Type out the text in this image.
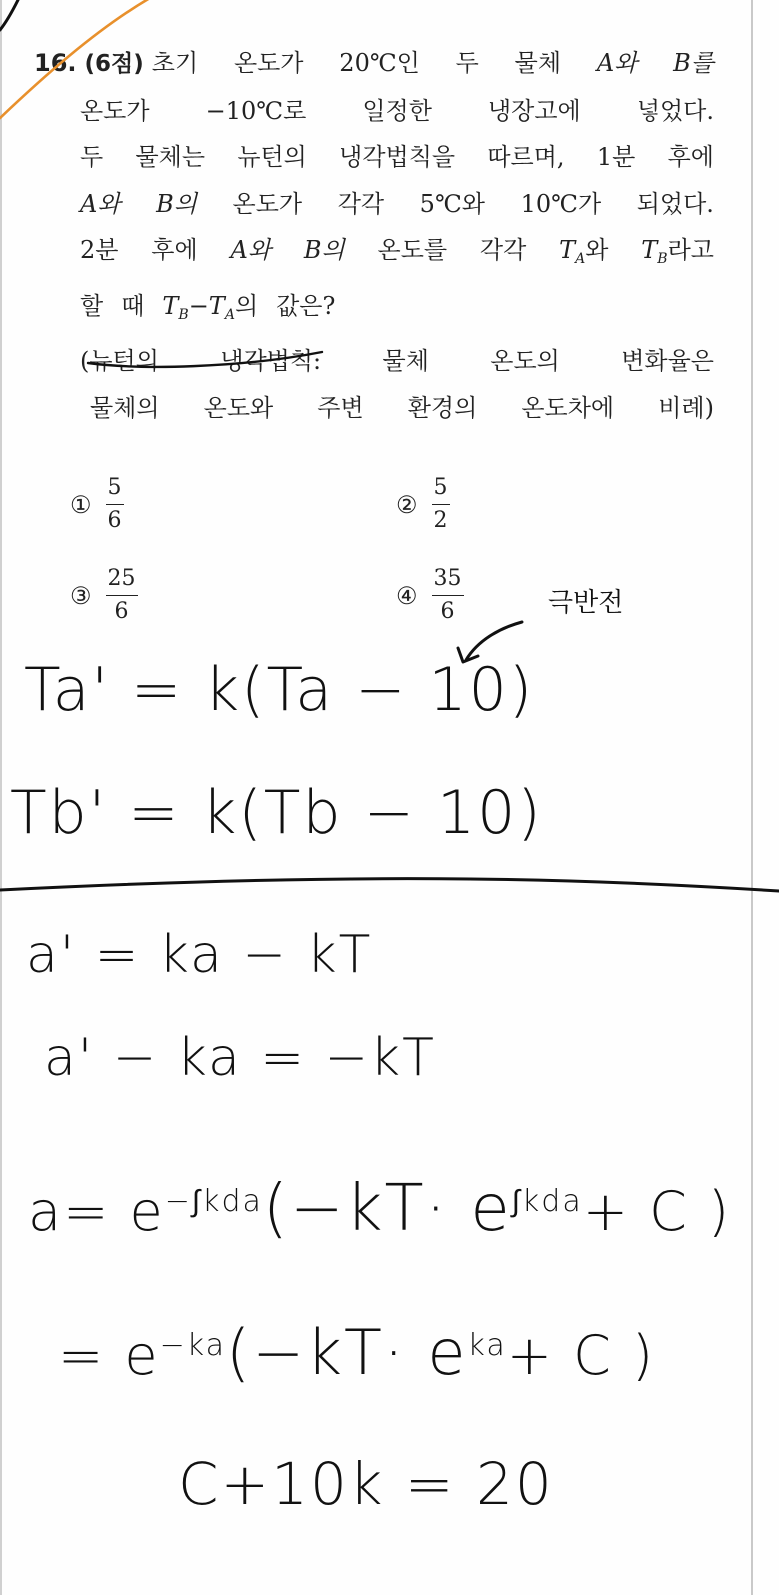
16. (6점) 초기 온도가 20℃인 두 물체 A와 B를
온도가 −10℃로 일정한 냉장고에 넣었다.
두 물체는 뉴턴의 냉각법칙을 따르며, 1분 후에
A와 B의 온도가 각각 5℃와 10℃가 되었다.
2분 후에 A와 B의 온도를 각각 $T_A$와 $T_B$라고
할 때 $T_B-T_A$의 값은?
(뉴턴의	냉각법칙:	물체	온도의	변화율은
물체의 온도와 주변 환경의 온도차에 비례)
① $\frac{5}{6}$	② $\frac{5}{2}$
③ $\frac{25}{6}$	④ $\frac{35}{6}$	극반전
Ta' = k(Ta − 10)
Tb' = k(Tb − 10)
a' = ka − kT
a' − ka = −kT
$a= e^{-\int kda}(-kT\cdot e^{\int kda}+ C$ )
= $e^{-ka}(-kT\cdot e^{ka}+ C$ )
C+10k = 20
